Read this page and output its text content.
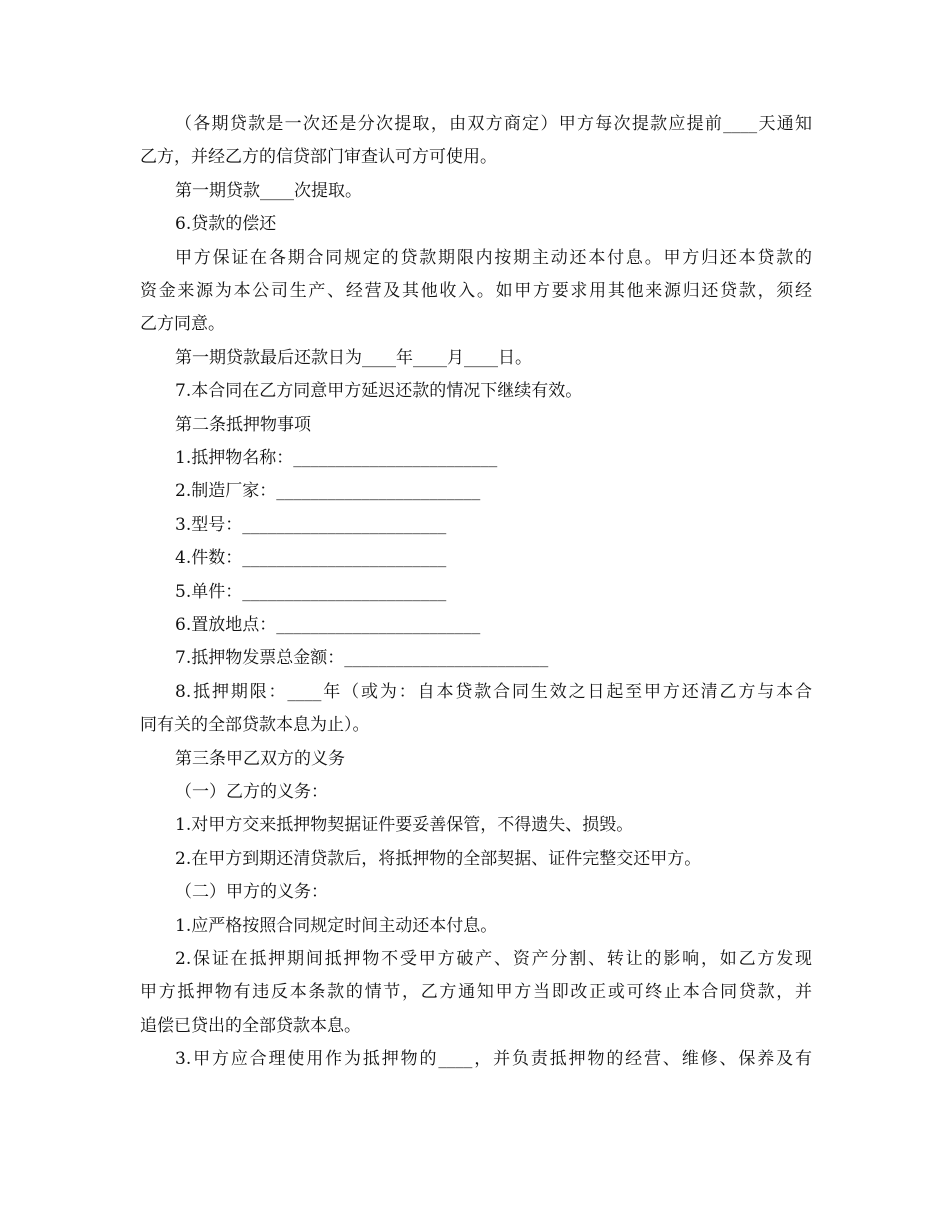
（各期贷款是一次还是分次提取，由双方商定）甲方每次提款应提前____天通知
乙方，并经乙方的信贷部门审查认可方可使用。
第一期贷款____次提取。
6.贷款的偿还
甲方保证在各期合同规定的贷款期限内按期主动还本付息。甲方归还本贷款的
资金来源为本公司生产、经营及其他收入。如甲方要求用其他来源归还贷款，须经
乙方同意。
第一期贷款最后还款日为____年____月____日。
7.本合同在乙方同意甲方延迟还款的情况下继续有效。
第二条抵押物事项
1.抵押物名称：________________________
2.制造厂家：________________________
3.型号：________________________
4.件数：________________________
5.单件：________________________
6.置放地点：________________________
7.抵押物发票总金额：________________________
8.抵押期限：____年（或为：自本贷款合同生效之日起至甲方还清乙方与本合
同有关的全部贷款本息为止）。
第三条甲乙双方的义务
（一）乙方的义务：
1.对甲方交来抵押物契据证件要妥善保管，不得遗失、损毁。
2.在甲方到期还清贷款后，将抵押物的全部契据、证件完整交还甲方。
（二）甲方的义务：
1.应严格按照合同规定时间主动还本付息。
2.保证在抵押期间抵押物不受甲方破产、资产分割、转让的影响，如乙方发现
甲方抵押物有违反本条款的情节，乙方通知甲方当即改正或可终止本合同贷款，并
追偿已贷出的全部贷款本息。
3.甲方应合理使用作为抵押物的____，并负责抵押物的经营、维修、保养及有
